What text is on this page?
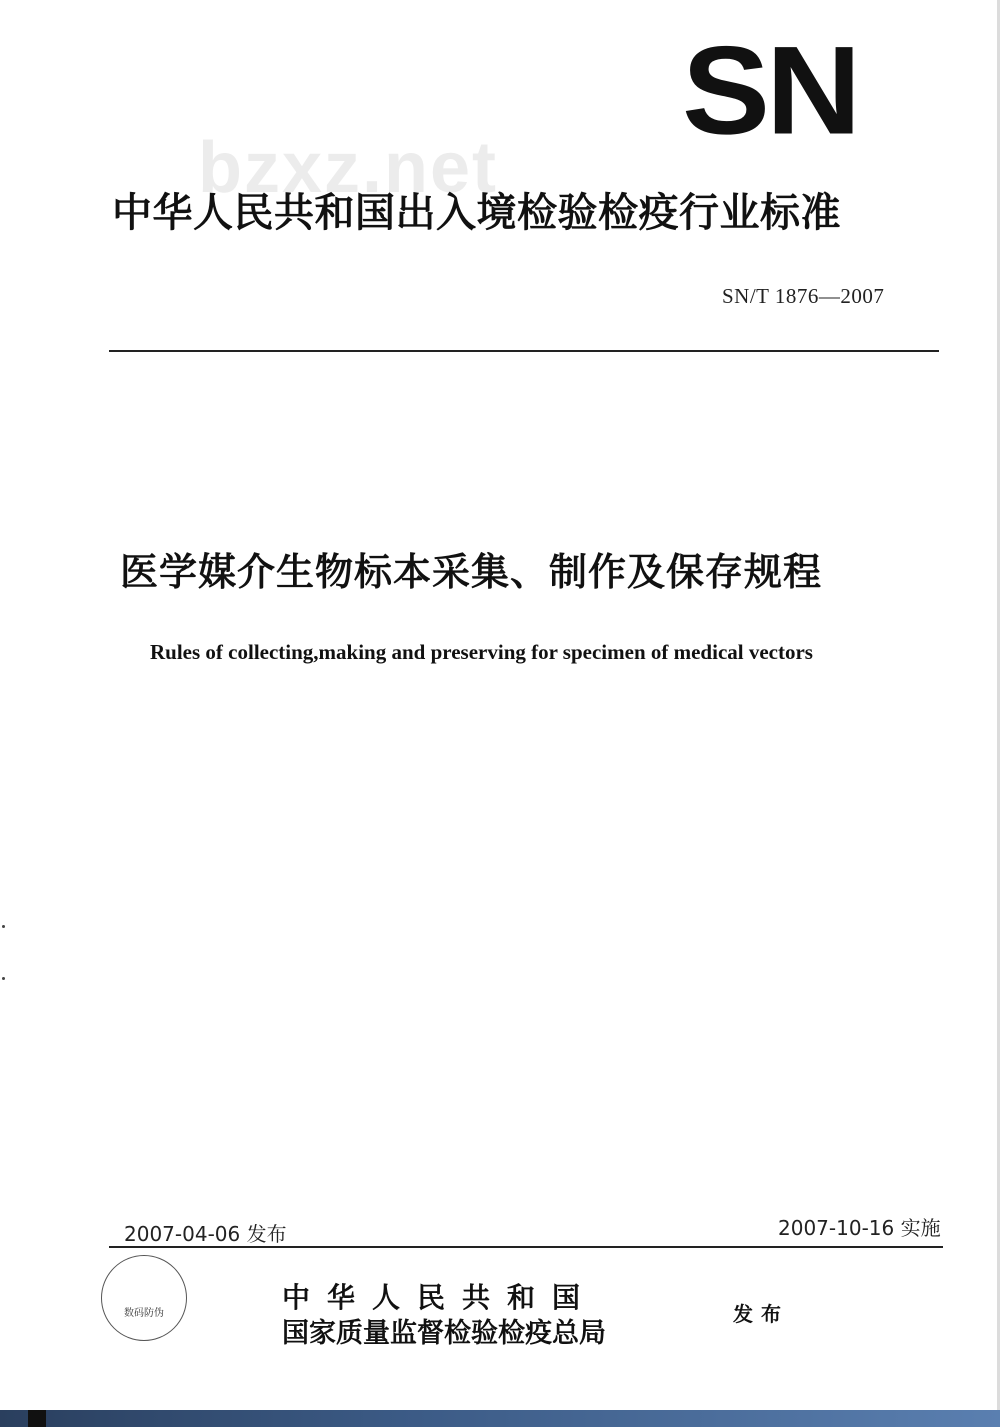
bzxz.net
SN
中华人民共和国出入境检验检疫行业标准
SN/T 1876—2007
医学媒介生物标本采集、制作及保存规程
Rules of collecting,making and preserving for specimen of medical vectors
2007-04-06 发布	2007-10-16 实施
数码防伪	中华人民共和国
国家质量监督检验检疫总局
发布
